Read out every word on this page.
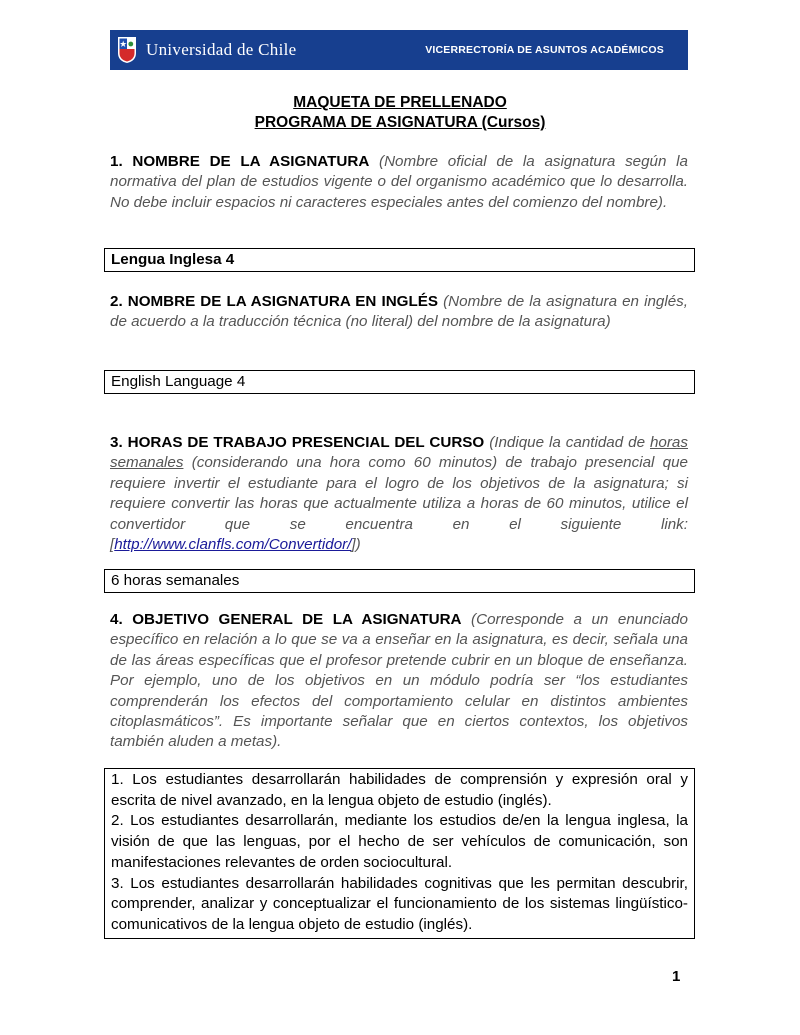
Universidad de Chile	VICERRECTORÍA DE ASUNTOS ACADÉMICOS
MAQUETA DE PRELLENADO
PROGRAMA DE ASIGNATURA (Cursos)
1. NOMBRE DE LA ASIGNATURA (Nombre oficial de la asignatura según la normativa del plan de estudios vigente o del organismo académico que lo desarrolla. No debe incluir espacios ni caracteres especiales antes del comienzo del nombre).
Lengua Inglesa 4
2. NOMBRE DE LA ASIGNATURA EN INGLÉS (Nombre de la asignatura en inglés, de acuerdo a la traducción técnica (no literal) del nombre de la asignatura)
English Language 4
3. HORAS DE TRABAJO PRESENCIAL DEL CURSO (Indique la cantidad de horas semanales (considerando una hora como 60 minutos) de trabajo presencial que requiere invertir el estudiante para el logro de los objetivos de la asignatura; si requiere convertir las horas que actualmente utiliza a horas de 60 minutos, utilice el convertidor que se encuentra en el siguiente link: [http://www.clanfls.com/Convertidor/])
6 horas semanales
4. OBJETIVO GENERAL DE LA ASIGNATURA (Corresponde a un enunciado específico en relación a lo que se va a enseñar en la asignatura, es decir, señala una de las áreas específicas que el profesor pretende cubrir en un bloque de enseñanza. Por ejemplo, uno de los objetivos en un módulo podría ser “los estudiantes comprenderán los efectos del comportamiento celular en distintos ambientes citoplasmáticos”. Es importante señalar que en ciertos contextos, los objetivos también aluden a metas).

1. Los estudiantes desarrollarán habilidades de comprensión y expresión oral y escrita de nivel avanzado, en la lengua objeto de estudio (inglés).

2. Los estudiantes desarrollarán, mediante los estudios de/en la lengua inglesa, la visión de que las lenguas, por el hecho de ser vehículos de comunicación, son manifestaciones relevantes de orden sociocultural.

3. Los estudiantes desarrollarán habilidades cognitivas que les permitan descubrir, comprender, analizar y conceptualizar el funcionamiento de los sistemas lingüístico-comunicativos de la lengua objeto de estudio (inglés).

1
